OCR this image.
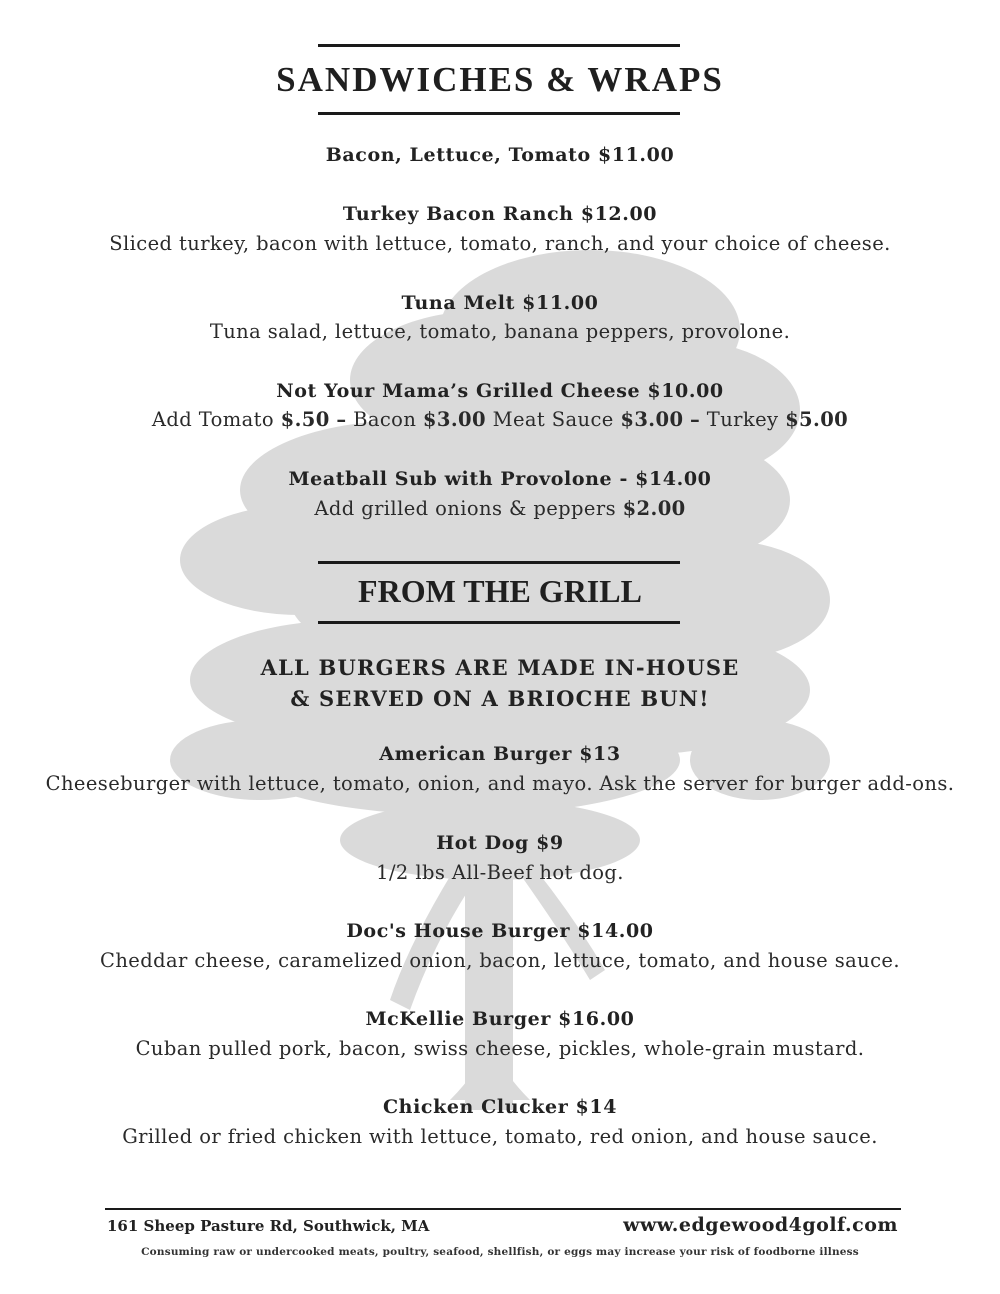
SANDWICHES & WRAPS
Bacon, Lettuce, Tomato $11.00
Turkey Bacon Ranch $12.00
Sliced turkey, bacon with lettuce, tomato, ranch, and your choice of cheese.
Tuna Melt $11.00
Tuna salad, lettuce, tomato, banana peppers, provolone.
Not Your Mama’s Grilled Cheese $10.00
Add Tomato $.50 – Bacon $3.00 Meat Sauce $3.00 – Turkey $5.00
Meatball Sub with Provolone - $14.00
Add grilled onions & peppers $2.00
FROM THE GRILL
ALL BURGERS ARE MADE IN-HOUSE
& SERVED ON A BRIOCHE BUN!
American Burger $13
Cheeseburger with lettuce, tomato, onion, and mayo. Ask the server for burger add-ons.
Hot Dog $9
1/2 lbs All-Beef hot dog.
Doc's House Burger $14.00
Cheddar cheese, caramelized onion, bacon, lettuce, tomato, and house sauce.
McKellie Burger $16.00
Cuban pulled pork, bacon, swiss cheese, pickles, whole-grain mustard.
Chicken Clucker $14
Grilled or fried chicken with lettuce, tomato, red onion, and house sauce.
161 Sheep Pasture Rd, Southwick, MA	www.edgewood4golf.com
Consuming raw or undercooked meats, poultry, seafood, shellfish, or eggs may increase your risk of foodborne illness
